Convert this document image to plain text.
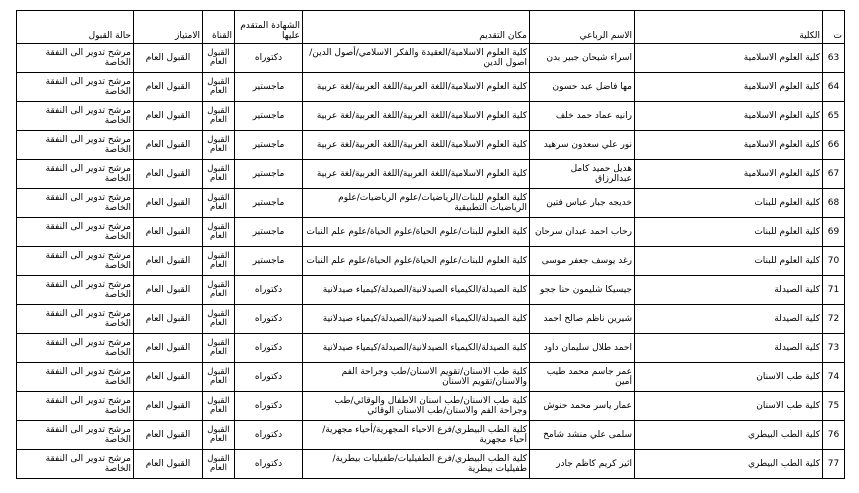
ت	الكلية	الاسم الرباعي	مكان التقديم	الشهادة المتقدم عليها	القناة	الامتياز	حالة القبول
63	كلية العلوم الاسلامية	اسراء شيحان جبير بدن	كلية العلوم الاسلامية/العقيدة والفكر الاسلامي/أصول الدين/اصول الدين	دكتوراه	القبول العام	القبول العام	مرشح تدوير الى النفقة الخاصة
64	كلية العلوم الاسلامية	مها فاضل عبد حسون	كلية العلوم الاسلامية/اللغة العربية/اللغة العربية/لغة عربية	ماجستير	القبول العام	القبول العام	مرشح تدوير الى النفقة الخاصة
65	كلية العلوم الاسلامية	رانيه عماد حمد خلف	كلية العلوم الاسلامية/اللغة العربية/اللغة العربية/لغة عربية	ماجستير	القبول العام	القبول العام	مرشح تدوير الى النفقة الخاصة
66	كلية العلوم الاسلامية	نور علي سعدون سرهيد	كلية العلوم الاسلامية/اللغة العربية/اللغة العربية/لغة عربية	ماجستير	القبول العام	القبول العام	مرشح تدوير الى النفقة الخاصة
67	كلية العلوم الاسلامية	هديل حميد كامل عبدالرزاق	كلية العلوم الاسلامية/اللغة العربية/اللغة العربية/لغة عربية	ماجستير	القبول العام	القبول العام	مرشح تدوير الى النفقة الخاصة
68	كلية العلوم للبنات	خديجه جبار عباس فتين	كلية العلوم للبنات/الرياضيات/علوم الرياضيات/علوم الرياضيات التطبيقية	ماجستير	القبول العام	القبول العام	مرشح تدوير الى النفقة الخاصة
69	كلية العلوم للبنات	رحاب احمد عبدان سرحان	كلية العلوم للبنات/علوم الحياة/علوم الحياة/علوم علم النبات	ماجستير	القبول العام	القبول العام	مرشح تدوير الى النفقة الخاصة
70	كلية العلوم للبنات	رغد يوسف جعفر موسى	كلية العلوم للبنات/علوم الحياة/علوم الحياة/علوم علم النبات	ماجستير	القبول العام	القبول العام	مرشح تدوير الى النفقة الخاصة
71	كلية الصيدلة	جيسيكا شليمون حنا ججو	كلية الصيدلة/الكيمياء الصيدلانية/الصيدلة/كيمياء صيدلانية	دكتوراه	القبول العام	القبول العام	مرشح تدوير الى النفقة الخاصة
72	كلية الصيدلة	شيرين ناظم صالح احمد	كلية الصيدلة/الكيمياء الصيدلانية/الصيدلة/كيمياء صيدلانية	دكتوراه	القبول العام	القبول العام	مرشح تدوير الى النفقة الخاصة
73	كلية الصيدلة	احمد طلال سليمان داود	كلية الصيدلة/الكيمياء الصيدلانية/الصيدلة/كيمياء صيدلانية	دكتوراه	القبول العام	القبول العام	مرشح تدوير الى النفقة الخاصة
74	كلية طب الاسنان	عمر جاسم محمد طيب أمين	كلية طب الاسنان/تقويم الاسنان/طب وجراحة الفم والاسنان/تقويم الاسنان	دكتوراه	القبول العام	القبول العام	مرشح تدوير الى النفقة الخاصة
75	كلية طب الاسنان	عمار ياسر محمد حنوش	كلية طب الاسنان/طب اسنان الاطفال والوقائي/طب وجراحة الفم والاسنان/طب الاسنان الوقائي	دكتوراه	القبول العام	القبول العام	مرشح تدوير الى النفقة الخاصة
76	كلية الطب البيطري	سلمى علي منشد شامخ	كلية الطب البيطري/فرع الاحياء المجهرية/أحياء مجهرية/أحياء مجهرية	دكتوراه	القبول العام	القبول العام	مرشح تدوير الى النفقة الخاصة
77	كلية الطب البيطري	اثير كريم كاظم جادر	كلية الطب البيطري/فرع الطفيليات/طفيليات بيطرية/طفيليات بيطرية	دكتوراه	القبول العام	القبول العام	مرشح تدوير الى النفقة الخاصة
